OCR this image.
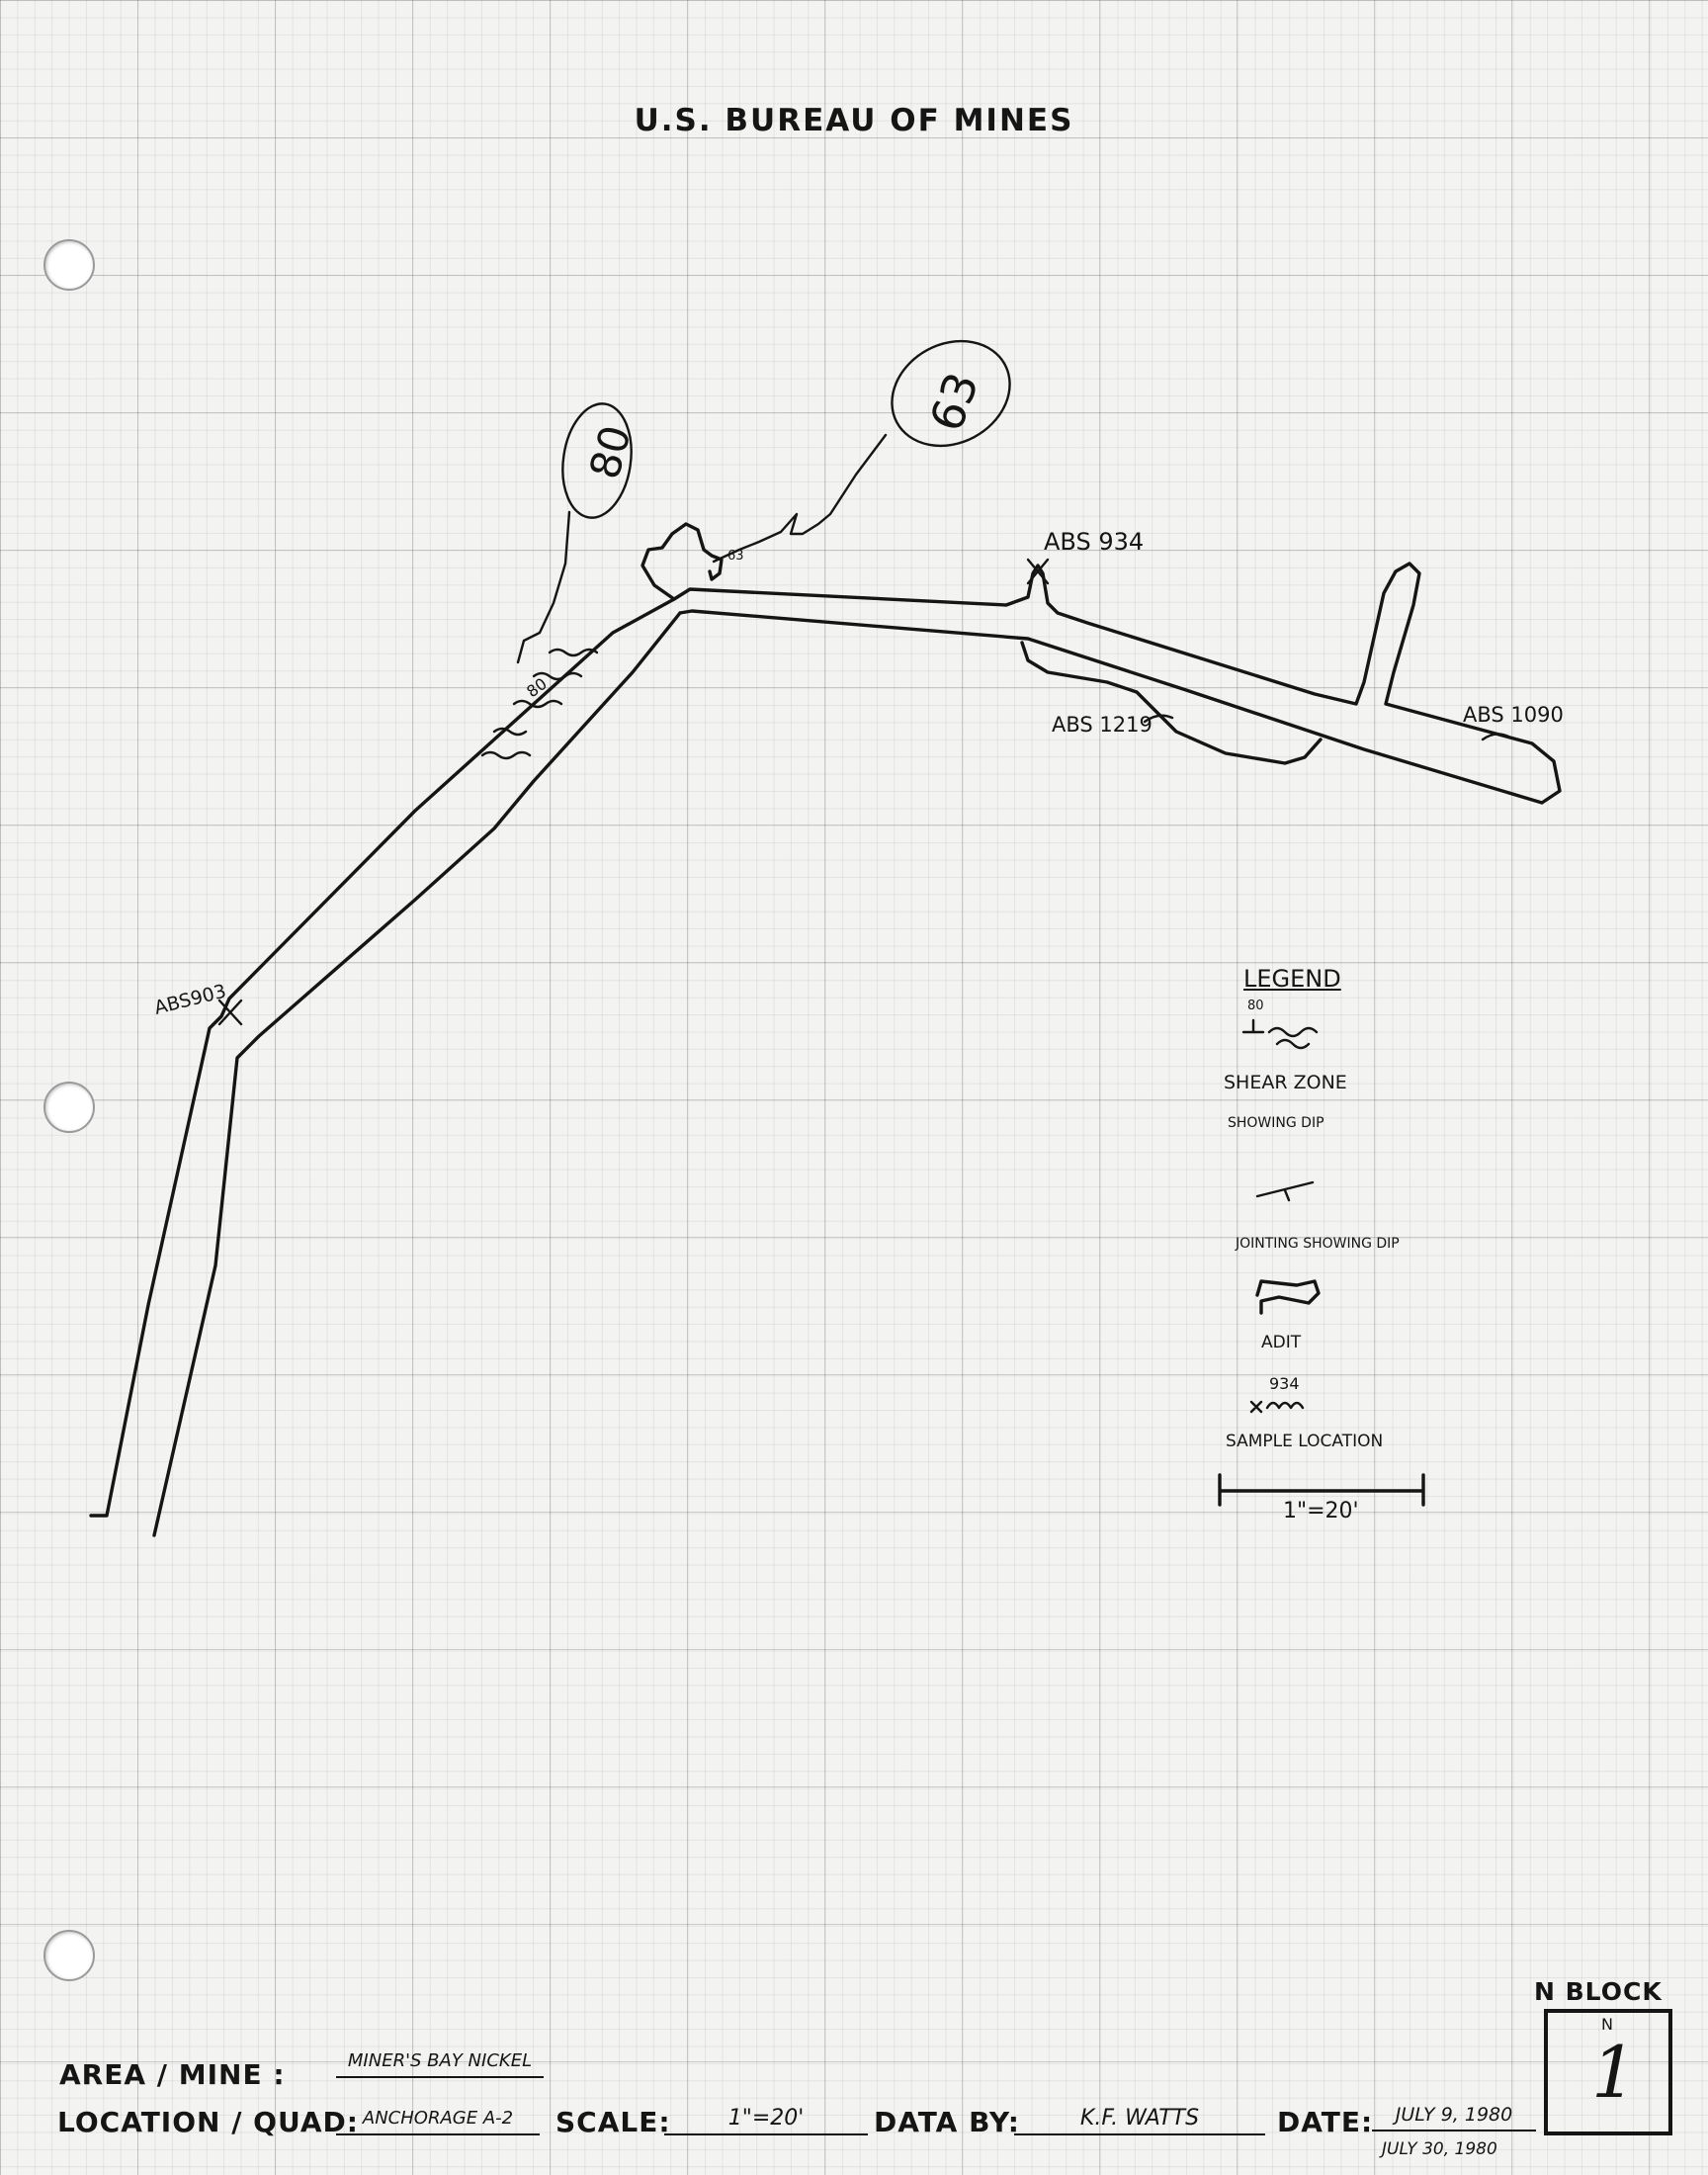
U.S. BUREAU OF MINES
ABS 934
ABS 1219	ABS 1090
ABS903
80
80
63
63
LEGEND
80
SHEAR ZONE
SHOWING DIP
JOINTING SHOWING DIP
ADIT
934
SAMPLE LOCATION
1"=20'
AREA / MINE :	MINER'S BAY NICKEL
LOCATION / QUAD: ANCHORAGE A-2	SCALE:	1"=20'	DATA BY:	K.F. WATTS	DATE:	JULY 9, 1980
JULY 30, 1980
N BLOCK
N
1
